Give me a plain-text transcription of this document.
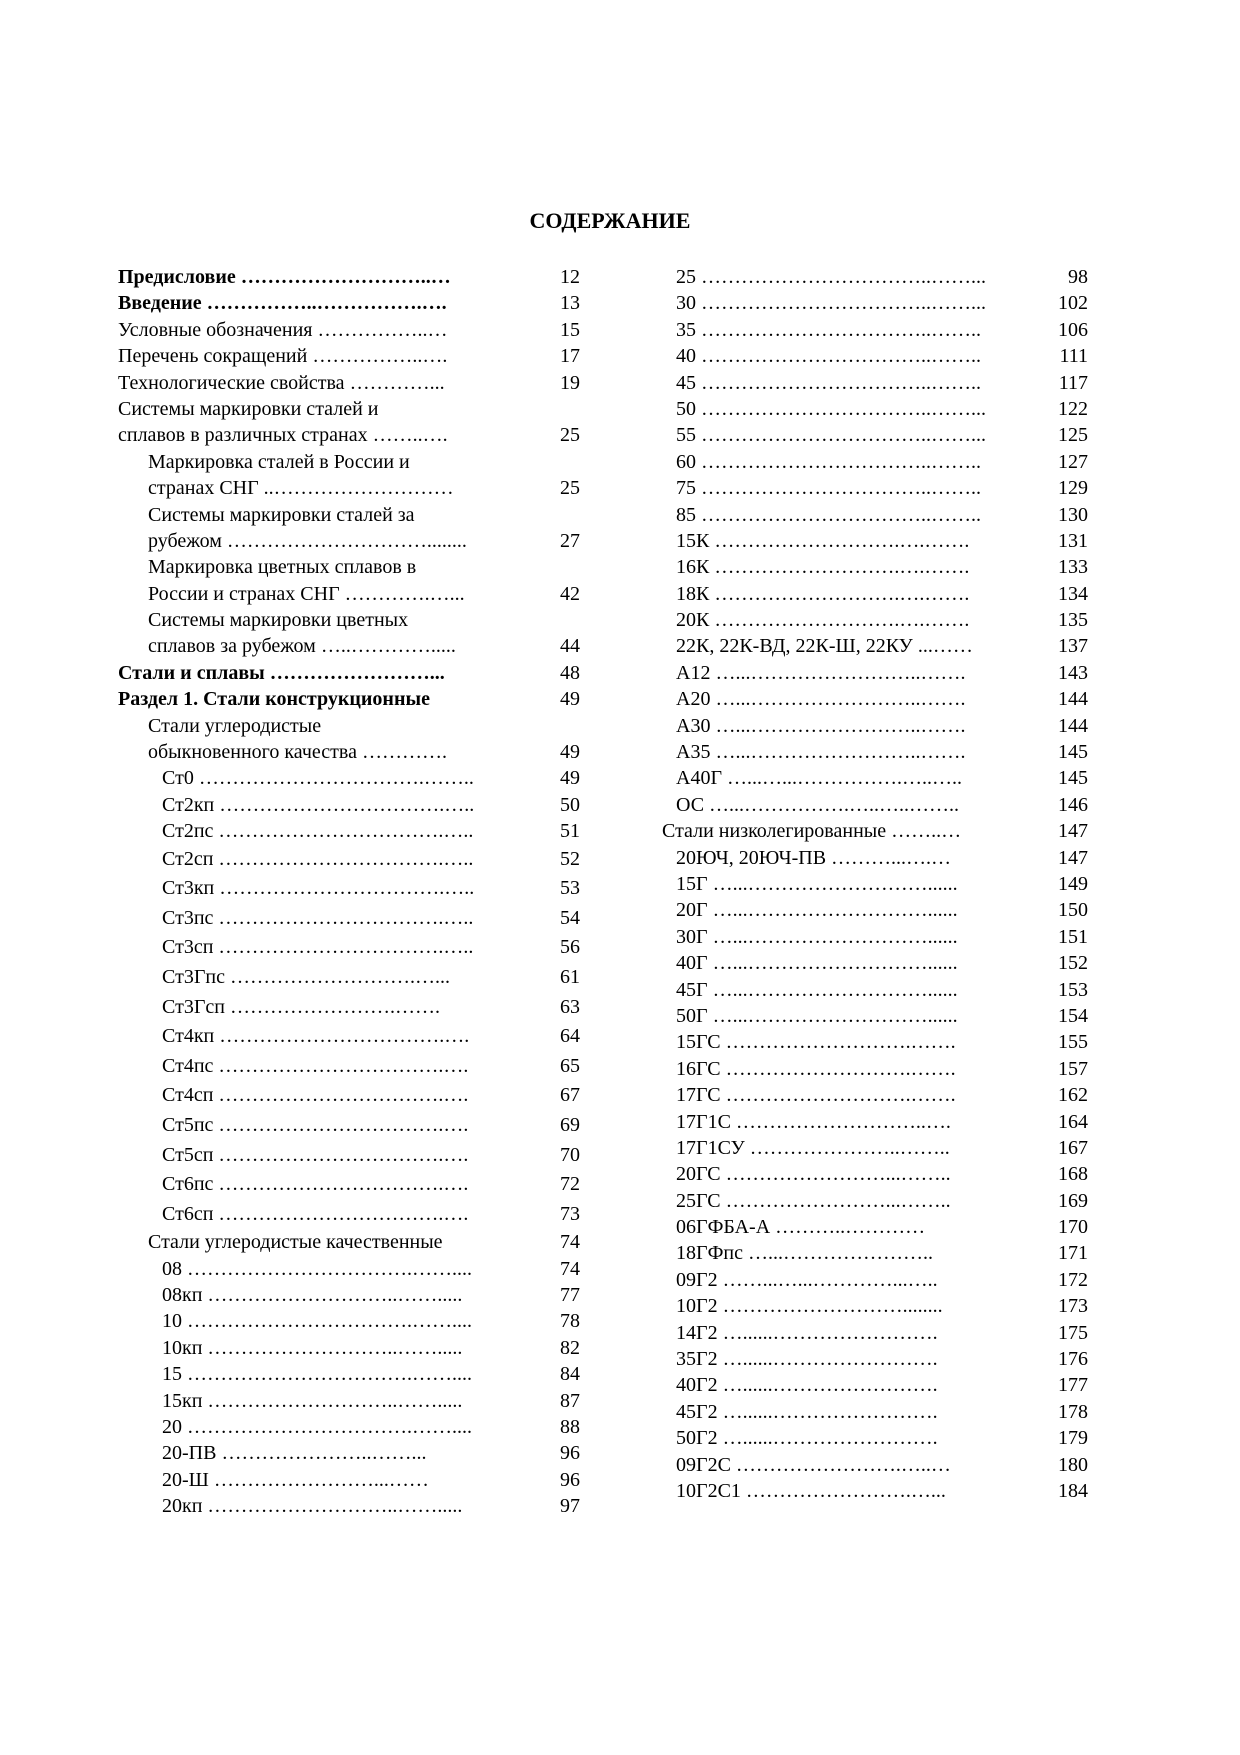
СОДЕРЖАНИЕ
Предисловие ………………………..…	12
Введение ……………..…………….….	13
Условные обозначения ……………..…	15
Перечень сокращений ……………..….	17
Технологические свойства …………...	19
Системы маркировки сталей и
сплавов в различных странах ……..….	25
Маркировка сталей в России и
странах СНГ ..………………………	25
Системы маркировки сталей за
рубежом …………………………........	27
Маркировка цветных сплавов в
России и странах СНГ ………….…...	42
Системы маркировки цветных
сплавов за рубежом …..………….....	44
Стали и сплавы ……………………...	48
Раздел 1. Стали конструкционные	49
Стали углеродистые
обыкновенного качества ………….	49
Ст0 …………………………….……..	49
Ст2кп …………………………….…..	50
Ст2пс …………………………….…..	51
Ст2сп …………………………….…..	52
Ст3кп …………………………….…..	53
Ст3пс …………………………….…..	54
Ст3сп …………………………….…..	56
Ст3Гпс ……………………….…...	61
Ст3Гсп …………………….…….	63
Ст4кп …………………………….….	64
Ст4пс …………………………….….	65
Ст4сп …………………………….….	67
Ст5пс …………………………….….	69
Ст5сп …………………………….….	70
Ст6пс …………………………….….	72
Ст6сп …………………………….….	73
Стали углеродистые качественные	74
08 …………………………….……....	74
08кп ………………………..…….....	77
10 …………………………….……....	78
10кп ………………………..…….....	82
15 …………………………….……....	84
15кп ………………………..…….....	87
20 …………………………….……....	88
20-ПВ …………………..……...	96
20-Ш ……………………...……	96
20кп ………………………..…….....	97
25 ……………………………..……...	98
30 ……………………………..……...	102
35 ……………………………..……..	106
40 ……………………………..……..	111
45 ……………………………..……..	117
50 ……………………………..……...	122
55 ……………………………..……...	125
60 ……………………………..……..	127
75 ……………………………..……..	129
85 ……………………………..……..	130
15К ……………………….….…….	131
16К ……………………….….…….	133
18К ……………………….….…….	134
20К ……………………….….…….	135
22К, 22К-ВД, 22К-Ш, 22КУ ...……	137
А12 …...……………………..…….	143
А20 …...……………………..…….	144
А30 …...……………………..…….	144
А35 …...……………………..…….	145
А40Г …...…...…………….…..…..	145
ОС …...…………….…..…..……..	146
Стали низколегированные ……..…	147
20ЮЧ, 20ЮЧ-ПВ ………...….…	147
15Г …...………………………......	149
20Г …...………………………......	150
30Г …...………………………......	151
40Г …...………………………......	152
45Г …...………………………......	153
50Г …...………………………......	154
15ГС ……………………….…….	155
16ГС ……………………….…….	157
17ГС ……………………….…….	162
17Г1С ………………………..….	164
17Г1СУ …………………..……..	167
20ГС ……………………...……..	168
25ГС ……………………...……..	169
06ГФБА-А ………..…………	170
18ГФпс …...…………………..	171
09Г2 ……...…...…………...…..	172
10Г2 ………………………........	173
14Г2 …......…………………….	175
35Г2 …......…………………….	176
40Г2 …......…………………….	177
45Г2 …......…………………….	178
50Г2 …......…………………….	179
09Г2С …………………….…..…	180
10Г2С1 …………………….…...	184
